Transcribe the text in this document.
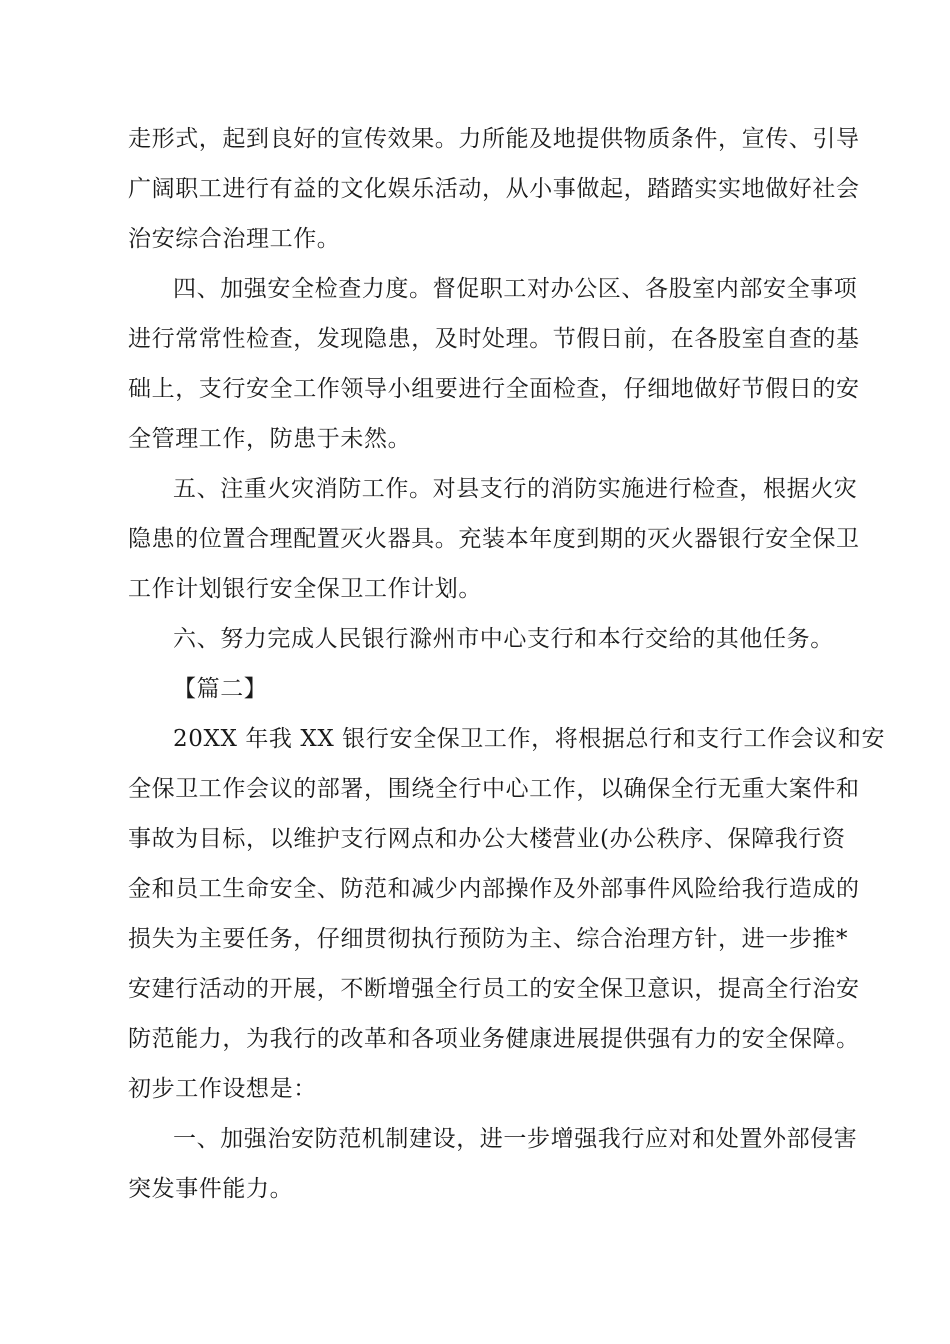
走形式，起到良好的宣传效果。力所能及地提供物质条件，宣传、引导
广阔职工进行有益的文化娱乐活动，从小事做起，踏踏实实地做好社会
治安综合治理工作。
四、加强安全检查力度。督促职工对办公区、各股室内部安全事项
进行常常性检查，发现隐患，及时处理。节假日前，在各股室自查的基
础上，支行安全工作领导小组要进行全面检查，仔细地做好节假日的安
全管理工作，防患于未然。
五、注重火灾消防工作。对县支行的消防实施进行检查，根据火灾
隐患的位置合理配置灭火器具。充装本年度到期的灭火器银行安全保卫
工作计划银行安全保卫工作计划。
六、努力完成人民银行滁州市中心支行和本行交给的其他任务。
【篇二】
20XX 年我 XX 银行安全保卫工作，将根据总行和支行工作会议和安
全保卫工作会议的部署，围绕全行中心工作，以确保全行无重大案件和
事故为目标，以维护支行网点和办公大楼营业(办公秩序、保障我行资
金和员工生命安全、防范和减少内部操作及外部事件风险给我行造成的
损失为主要任务，仔细贯彻执行预防为主、综合治理方针，进一步推*
安建行活动的开展，不断增强全行员工的安全保卫意识，提高全行治安
防范能力，为我行的改革和各项业务健康进展提供强有力的安全保障。
初步工作设想是：
一、加强治安防范机制建设，进一步增强我行应对和处置外部侵害
突发事件能力。
